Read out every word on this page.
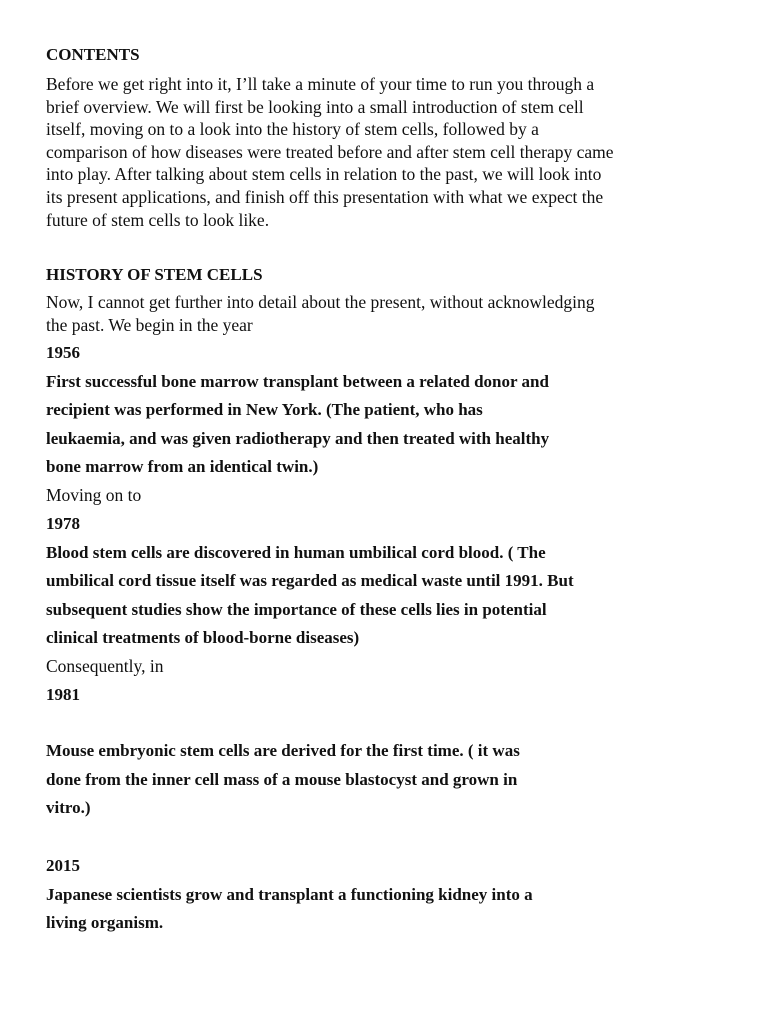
CONTENTS
Before we get right into it, I’ll take a minute of your time to run you through a
brief overview. We will first be looking into a small introduction of stem cell
itself, moving on to a look into the history of stem cells, followed by a
comparison of how diseases were treated before and after stem cell therapy came
into play. After talking about stem cells in relation to the past, we will look into
its present applications, and finish off this presentation with what we expect the
future of stem cells to look like.
HISTORY OF STEM CELLS
Now, I cannot get further into detail about the present, without acknowledging
the past. We begin in the year
1956
First successful bone marrow transplant between a related donor and
recipient was performed in New York. (The patient, who has
leukaemia, and was given radiotherapy and then treated with healthy
bone marrow from an identical twin.)
Moving on to
1978
Blood stem cells are discovered in human umbilical cord blood. ( The
umbilical cord tissue itself was regarded as medical waste until 1991. But
subsequent studies show the importance of these cells lies in potential
clinical treatments of blood-borne diseases)
Consequently, in
1981
Mouse embryonic stem cells are derived for the first time. ( it was
done from the inner cell mass of a mouse blastocyst and grown in
vitro.)
2015
Japanese scientists grow and transplant a functioning kidney into a
living organism.
